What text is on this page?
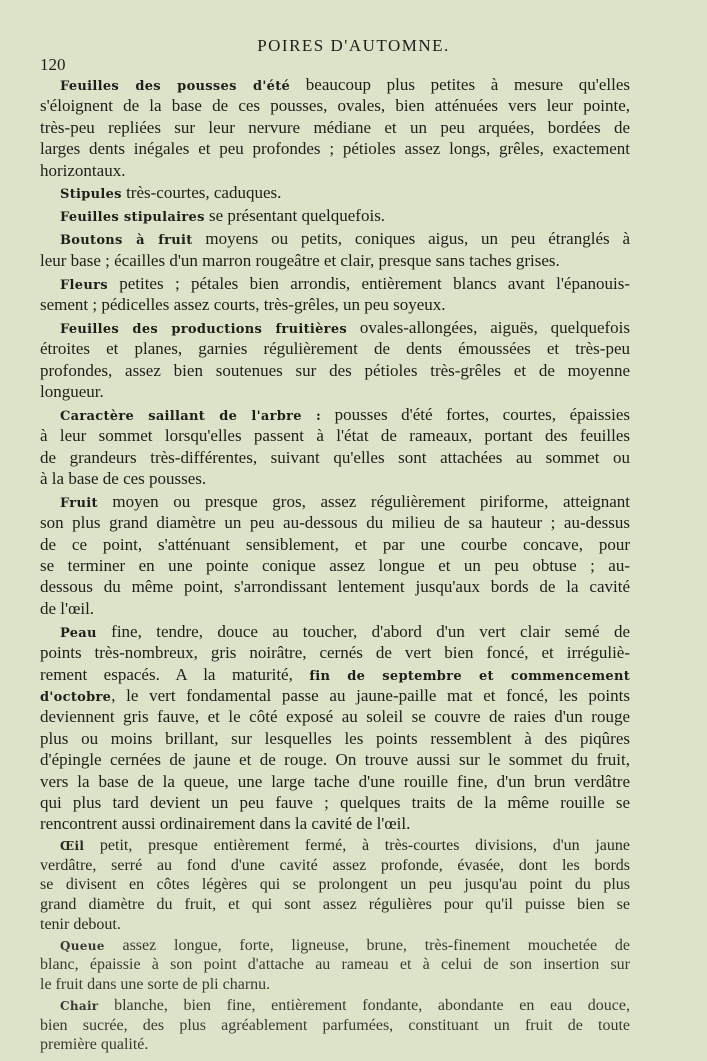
POIRES D'AUTOMNE.
120
Feuilles des pousses d'été beaucoup plus petites à mesure qu'elles
s'éloignent de la base de ces pousses, ovales, bien atténuées vers leur pointe,
très-peu repliées sur leur nervure médiane et un peu arquées, bordées de
larges dents inégales et peu profondes ; pétioles assez longs, grêles, exactement
horizontaux.
Stipules très-courtes, caduques.
Feuilles stipulaires se présentant quelquefois.
Boutons à fruit moyens ou petits, coniques aigus, un peu étranglés à
leur base ; écailles d'un marron rougeâtre et clair, presque sans taches grises.
Fleurs petites ; pétales bien arrondis, entièrement blancs avant l'épanouis-
sement ; pédicelles assez courts, très-grêles, un peu soyeux.
Feuilles des productions fruitières ovales-allongées, aiguës, quelquefois
étroites et planes, garnies régulièrement de dents émoussées et très-peu
profondes, assez bien soutenues sur des pétioles très-grêles et de moyenne
longueur.
Caractère saillant de l'arbre : pousses d'été fortes, courtes, épaissies
à leur sommet lorsqu'elles passent à l'état de rameaux, portant des feuilles
de grandeurs très-différentes, suivant qu'elles sont attachées au sommet ou
à la base de ces pousses.
Fruit moyen ou presque gros, assez régulièrement piriforme, atteignant
son plus grand diamètre un peu au-dessous du milieu de sa hauteur ; au-dessus
de ce point, s'atténuant sensiblement, et par une courbe concave, pour
se terminer en une pointe conique assez longue et un peu obtuse ; au-
dessous du même point, s'arrondissant lentement jusqu'aux bords de la cavité
de l'œil.
Peau fine, tendre, douce au toucher, d'abord d'un vert clair semé de
points très-nombreux, gris noirâtre, cernés de vert bien foncé, et irréguliè-
rement espacés. A la maturité, fin de septembre et commencement
d'octobre, le vert fondamental passe au jaune-paille mat et foncé, les points
deviennent gris fauve, et le côté exposé au soleil se couvre de raies d'un rouge
plus ou moins brillant, sur lesquelles les points ressemblent à des piqûres
d'épingle cernées de jaune et de rouge. On trouve aussi sur le sommet du fruit,
vers la base de la queue, une large tache d'une rouille fine, d'un brun verdâtre
qui plus tard devient un peu fauve ; quelques traits de la même rouille se
rencontrent aussi ordinairement dans la cavité de l'œil.
Œil petit, presque entièrement fermé, à très-courtes divisions, d'un jaune
verdâtre, serré au fond d'une cavité assez profonde, évasée, dont les bords
se divisent en côtes légères qui se prolongent un peu jusqu'au point du plus
grand diamètre du fruit, et qui sont assez régulières pour qu'il puisse bien se
tenir debout.
Queue assez longue, forte, ligneuse, brune, très-finement mouchetée de
blanc, épaissie à son point d'attache au rameau et à celui de son insertion sur
le fruit dans une sorte de pli charnu.
Chair blanche, bien fine, entièrement fondante, abondante en eau douce,
bien sucrée, des plus agréablement parfumées, constituant un fruit de toute
première qualité.
